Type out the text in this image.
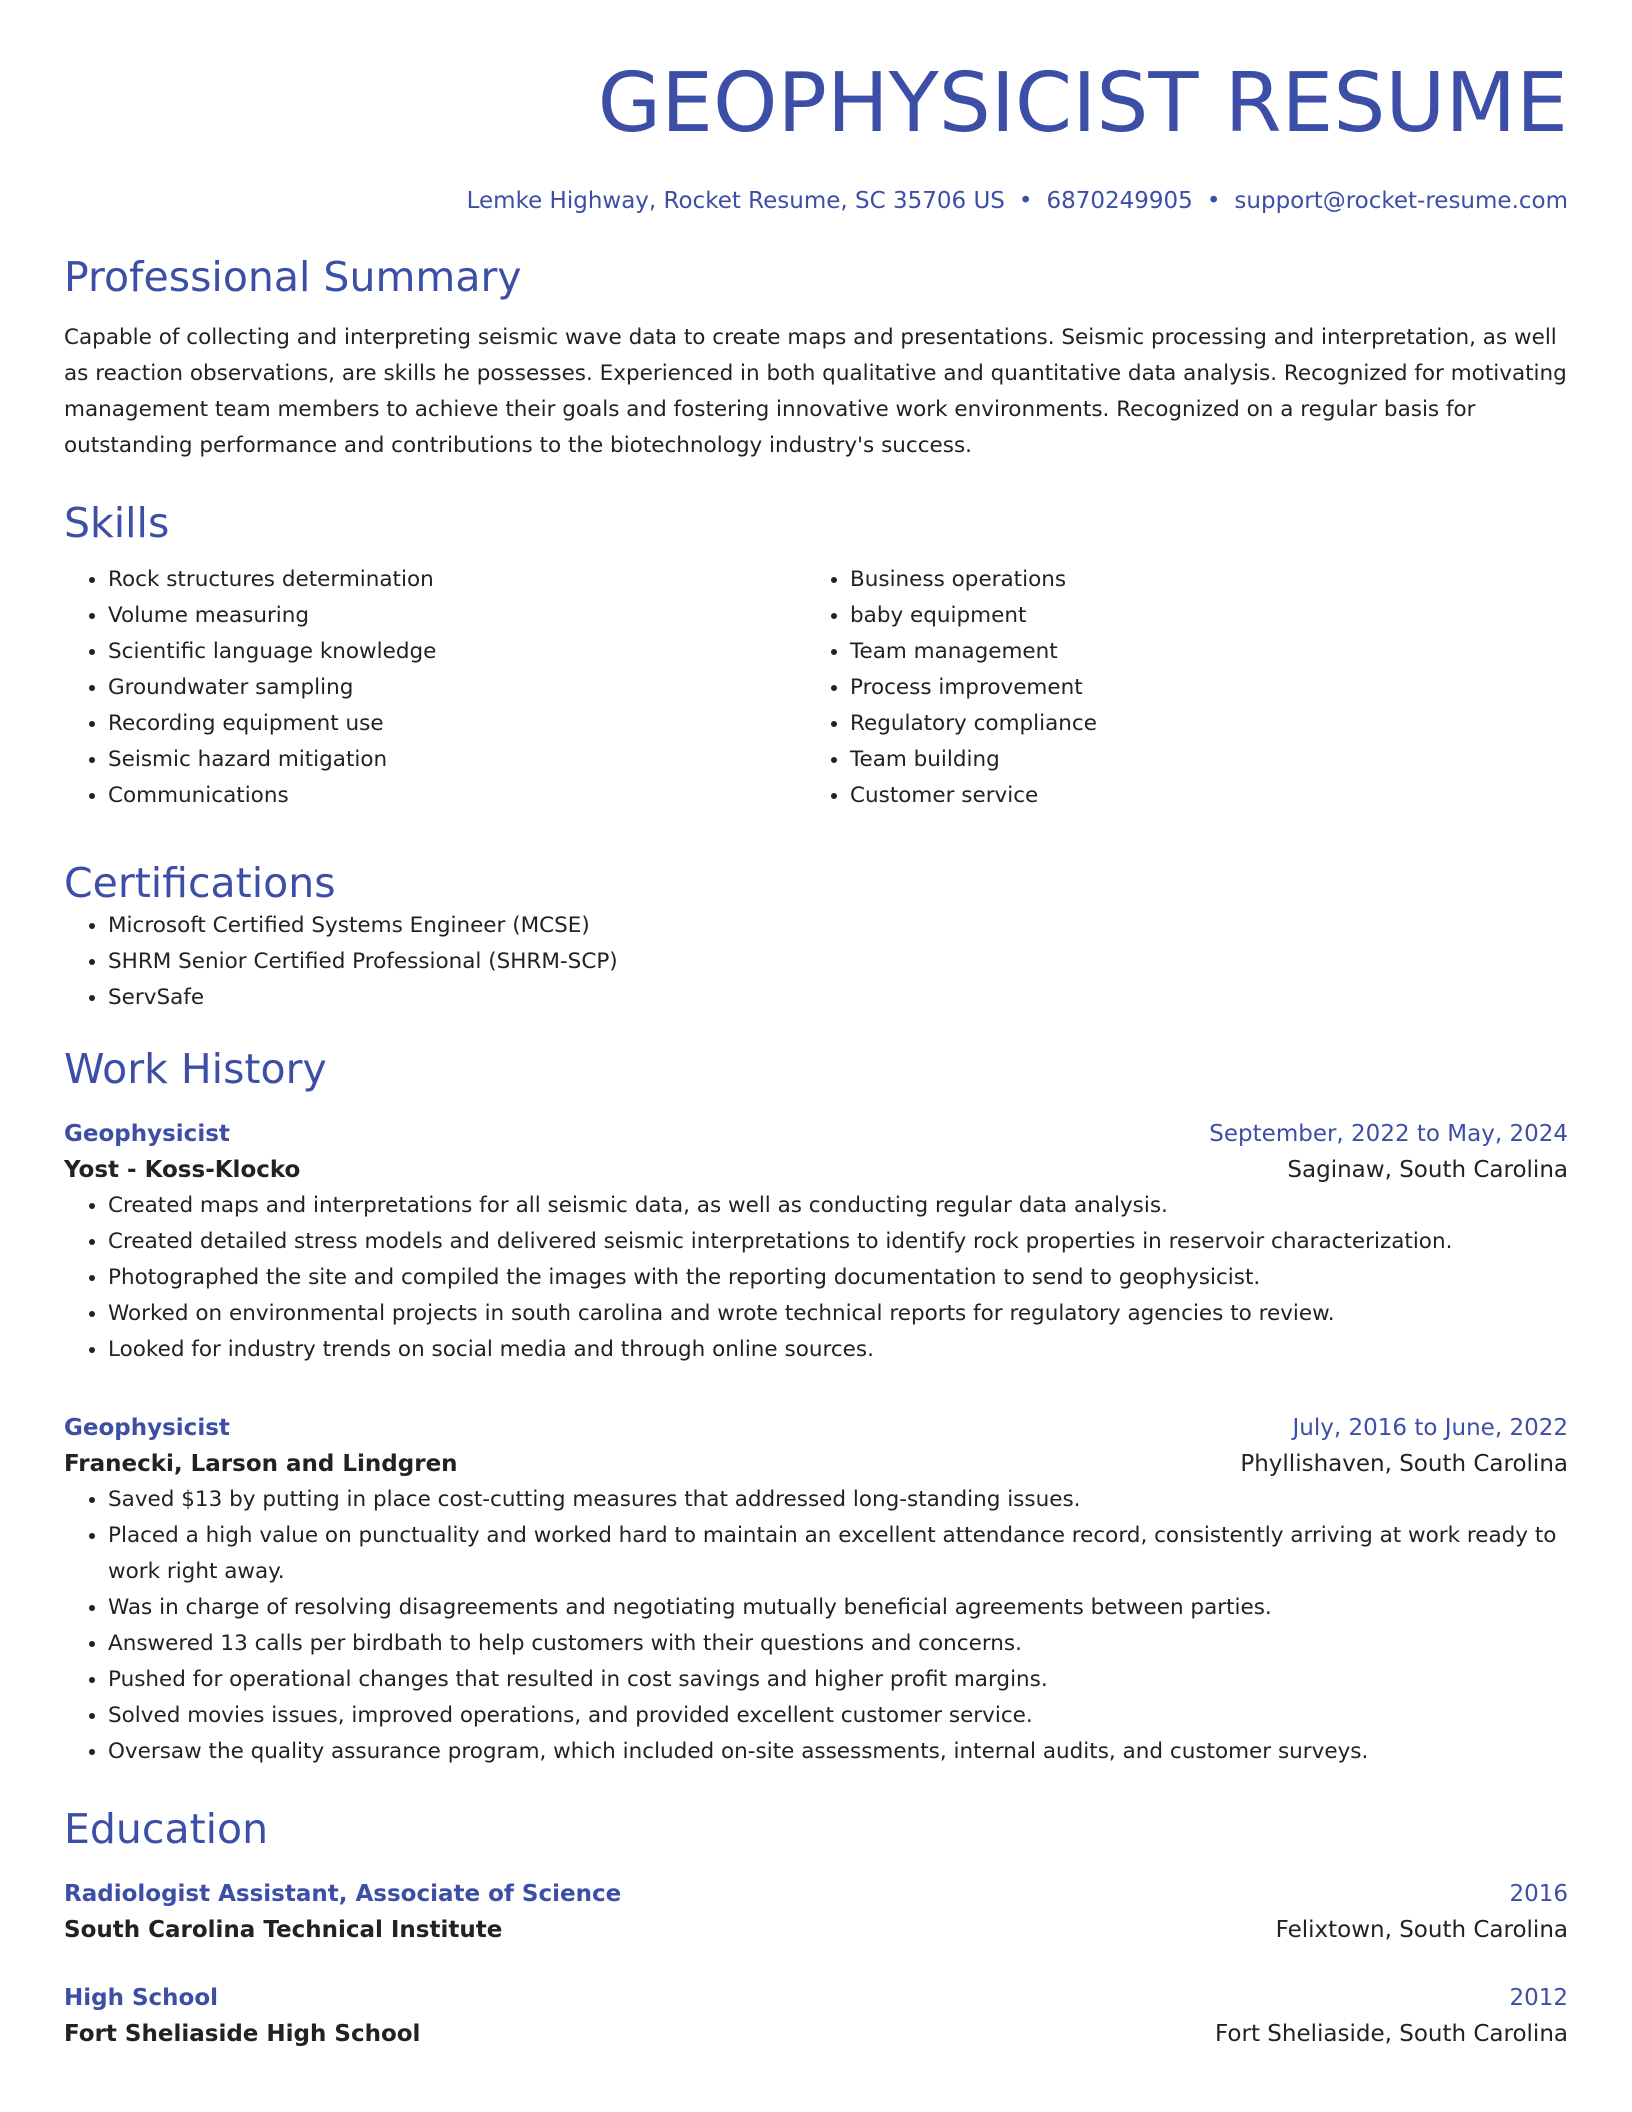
GEOPHYSICIST RESUME
Lemke Highway, Rocket Resume, SC 35706 US • 6870249905 • support@rocket-resume.com
Professional Summary

Capable of collecting and interpreting seismic wave data to create maps and presentations. Seismic processing and interpretation, as well as reaction observations, are skills he possesses. Experienced in both qualitative and quantitative data analysis. Recognized for motivating management team members to achieve their goals and fostering innovative work environments. Recognized on a regular basis for outstanding performance and contributions to the biotechnology industry's success.

Skills
• Rock structures determination
• Volume measuring
• Scientific language knowledge
• Groundwater sampling
• Recording equipment use
• Seismic hazard mitigation
• Communications
• Business operations
• baby equipment
• Team management
• Process improvement
• Regulatory compliance
• Team building
• Customer service
Certifications
• Microsoft Certified Systems Engineer (MCSE)
• SHRM Senior Certified Professional (SHRM-SCP)
• ServSafe
Work History
Geophysicist	September, 2022 to May, 2024
Yost - Koss-Klocko	Saginaw, South Carolina
• Created maps and interpretations for all seismic data, as well as conducting regular data analysis.
• Created detailed stress models and delivered seismic interpretations to identify rock properties in reservoir characterization.
• Photographed the site and compiled the images with the reporting documentation to send to geophysicist.
• Worked on environmental projects in south carolina and wrote technical reports for regulatory agencies to review.
• Looked for industry trends on social media and through online sources.
Geophysicist	July, 2016 to June, 2022
Franecki, Larson and Lindgren	Phyllishaven, South Carolina
• Saved $13 by putting in place cost-cutting measures that addressed long-standing issues.
• Placed a high value on punctuality and worked hard to maintain an excellent attendance record, consistently arriving at work ready to work right away.
• Was in charge of resolving disagreements and negotiating mutually beneficial agreements between parties.
• Answered 13 calls per birdbath to help customers with their questions and concerns.
• Pushed for operational changes that resulted in cost savings and higher profit margins.
• Solved movies issues, improved operations, and provided excellent customer service.
• Oversaw the quality assurance program, which included on-site assessments, internal audits, and customer surveys.
Education
Radiologist Assistant, Associate of Science	2016
South Carolina Technical Institute	Felixtown, South Carolina
High School	2012
Fort Sheliaside High School	Fort Sheliaside, South Carolina
